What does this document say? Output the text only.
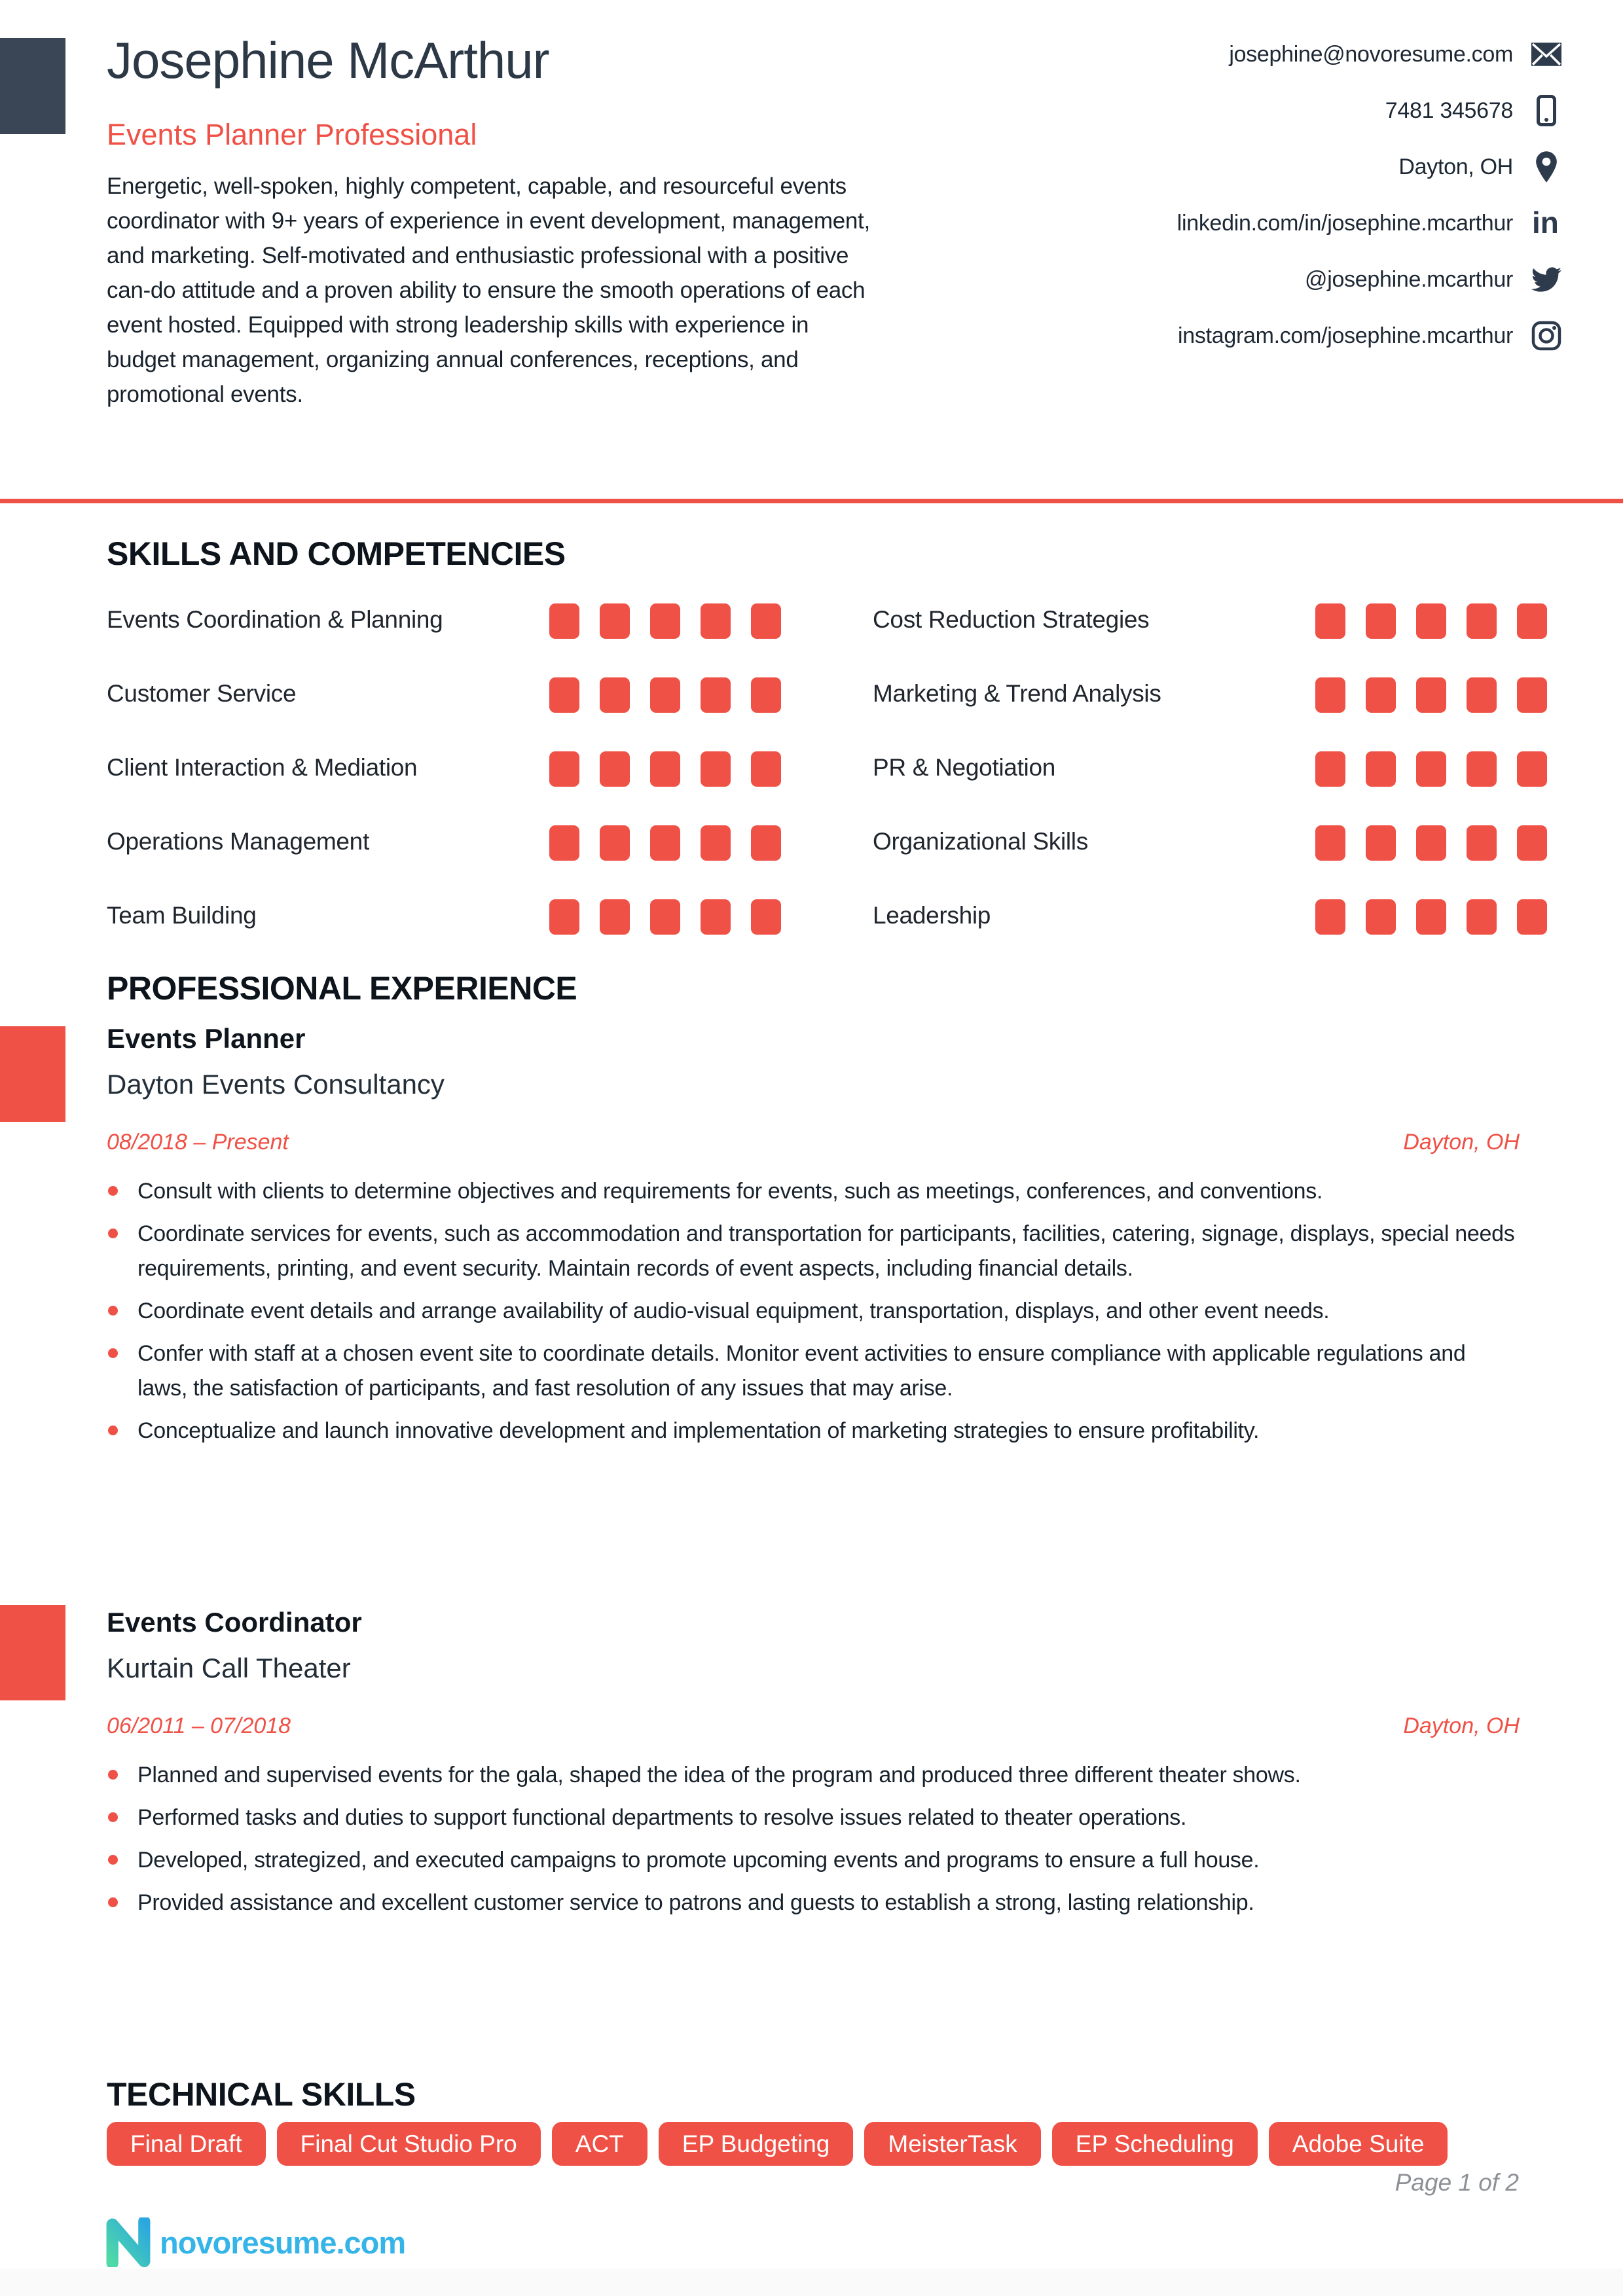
Josephine McArthur
Events Planner Professional
Energetic, well-spoken, highly competent, capable, and resourceful events coordinator with 9+ years of experience in event development, management, and marketing. Self-motivated and enthusiastic professional with a positive can-do attitude and a proven ability to ensure the smooth operations of each event hosted. Equipped with strong leadership skills with experience in budget management, organizing annual conferences, receptions, and promotional events.
josephine@novoresume.com
7481 345678
Dayton, OH
linkedin.com/in/josephine.mcarthur in
@josephine.mcarthur
instagram.com/josephine.mcarthur
SKILLS AND COMPETENCIES
Events Coordination & Planning
Customer Service
Client Interaction & Mediation
Operations Management
Team Building
Cost Reduction Strategies
Marketing & Trend Analysis
PR & Negotiation
Organizational Skills
Leadership
PROFESSIONAL EXPERIENCE
Events Planner
Dayton Events Consultancy
08/2018 – Present	Dayton, OH
Consult with clients to determine objectives and requirements for events, such as meetings, conferences, and conventions.
Coordinate services for events, such as accommodation and transportation for participants, facilities, catering, signage, displays, special needs requirements, printing, and event security. Maintain records of event aspects, including financial details.
Coordinate event details and arrange availability of audio-visual equipment, transportation, displays, and other event needs.
Confer with staff at a chosen event site to coordinate details. Monitor event activities to ensure compliance with applicable regulations and laws, the satisfaction of participants, and fast resolution of any issues that may arise.
Conceptualize and launch innovative development and implementation of marketing strategies to ensure profitability.
Events Coordinator
Kurtain Call Theater
06/2011 – 07/2018	Dayton, OH
Planned and supervised events for the gala, shaped the idea of the program and produced three different theater shows.
Performed tasks and duties to support functional departments to resolve issues related to theater operations.
Developed, strategized, and executed campaigns to promote upcoming events and programs to ensure a full house.
Provided assistance and excellent customer service to patrons and guests to establish a strong, lasting relationship.
TECHNICAL SKILLS
Final Draft	Final Cut Studio Pro	ACT	EP Budgeting	MeisterTask	EP Scheduling	Adobe Suite
Page 1 of 2
novoresume.com
